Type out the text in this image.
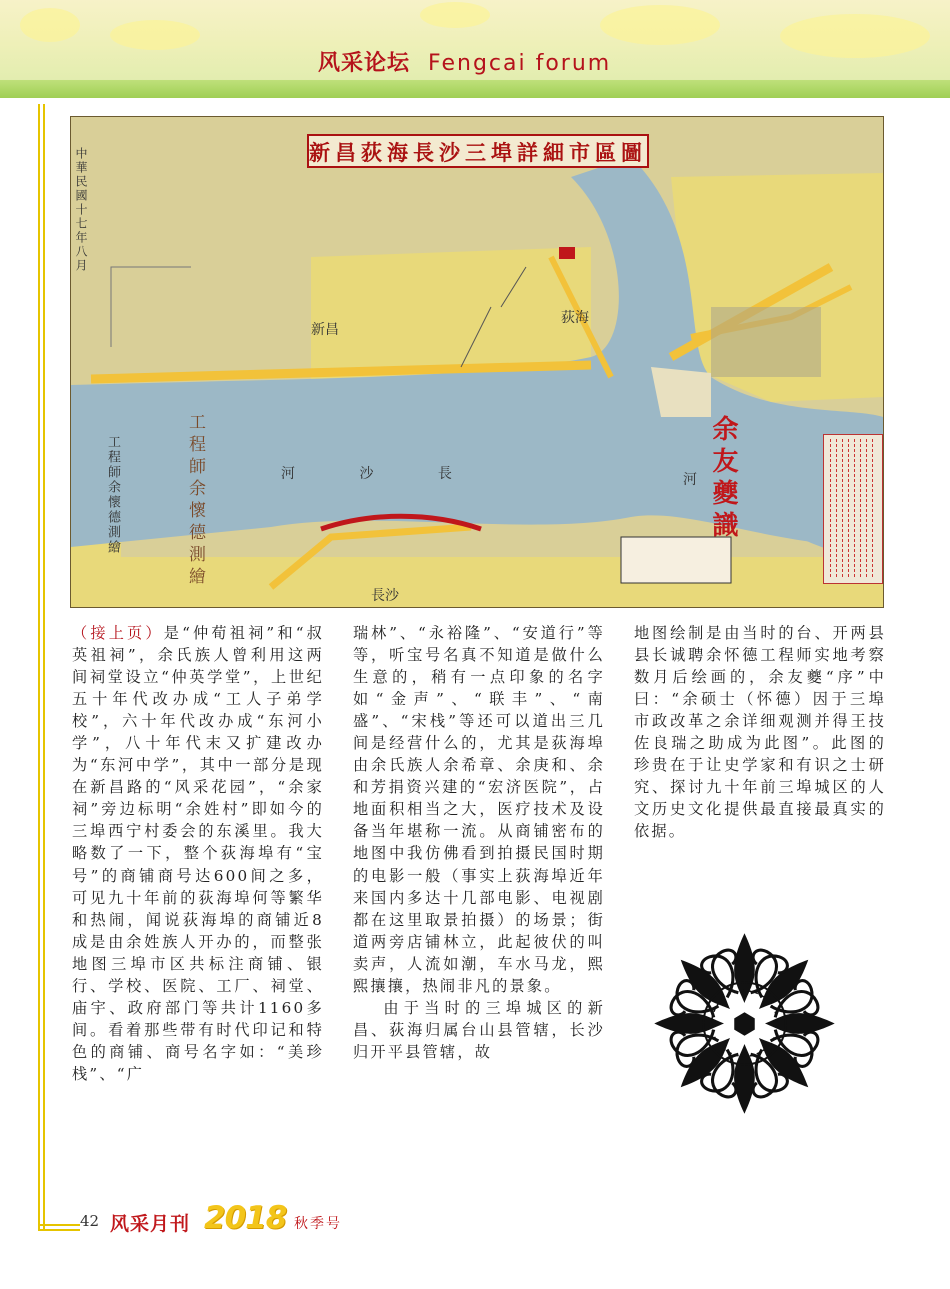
风采论坛 Fengcai forum
新昌荻海長沙三埠詳細市區圖
中華民國十七年八月
工程師余懷德測繪	工程師余懷德測繪	余友夔識
新昌
荻海
長沙
河 沙 長	河

（接上页）是“仲荀祖祠”和“叔英祖祠”，余氏族人曾利用这两间祠堂设立“仲英学堂”，上世纪五十年代改办成“工人子弟学校”，六十年代改办成“东河小学”，八十年代末又扩建改办为“东河中学”，其中一部分是现在新昌路的“风采花园”，“余家祠”旁边标明“余姓村”即如今的三埠西宁村委会的东溪里。我大略数了一下，整个荻海埠有“宝号”的商铺商号达600间之多，可见九十年前的荻海埠何等繁华和热闹，闻说荻海埠的商铺近8成是由余姓族人开办的，而整张地图三埠市区共标注商铺、银行、学校、医院、工厂、祠堂、庙宇、政府部门等共计1160多间。看着那些带有时代印记和特色的商铺、商号名字如：“美珍栈”、“广

瑞林”、“永裕隆”、“安道行”等等，听宝号名真不知道是做什么生意的，稍有一点印象的名字如“金声”、“联丰”、“南盛”、“宋栈”等还可以道出三几间是经营什么的，尤其是荻海埠由余氏族人余希章、余庚和、余和芳捐资兴建的“宏济医院”，占地面积相当之大，医疗技术及设备当年堪称一流。从商铺密布的地图中我仿佛看到拍摄民国时期的电影一般（事实上荻海埠近年来国内多达十几部电影、电视剧都在这里取景拍摄）的场景；街道两旁店铺林立，此起彼伏的叫卖声，人流如潮，车水马龙，熙熙攘攘，热闹非凡的景象。

由于当时的三埠城区的新昌、荻海归属台山县管辖，长沙归开平县管辖，故

地图绘制是由当时的台、开两县县长诚聘余怀德工程师实地考察数月后绘画的，余友夔“序”中曰：“余硕士（怀德）因于三埠市政改革之余详细观测并得王技佐良瑞之助成为此图”。此图的珍贵在于让史学家和有识之士研究、探讨九十年前三埠城区的人文历史文化提供最直接最真实的依据。

42 风采月刊 2018 秋季号
